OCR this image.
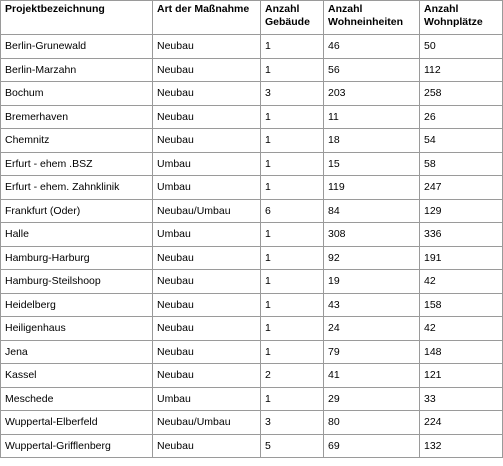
Projektbezeichnung	Art der Maßnahme	Anzahl Gebäude	Anzahl Wohneinheiten	Anzahl Wohnplätze
Berlin-Grunewald	Neubau	1	46	50
Berlin-Marzahn	Neubau	1	56	112
Bochum	Neubau	3	203	258
Bremerhaven	Neubau	1	11	26
Chemnitz	Neubau	1	18	54
Erfurt - ehem .BSZ	Umbau	1	15	58
Erfurt - ehem. Zahnklinik	Umbau	1	119	247
Frankfurt (Oder)	Neubau/Umbau	6	84	129
Halle	Umbau	1	308	336
Hamburg-Harburg	Neubau	1	92	191
Hamburg-Steilshoop	Neubau	1	19	42
Heidelberg	Neubau	1	43	158
Heiligenhaus	Neubau	1	24	42
Jena	Neubau	1	79	148
Kassel	Neubau	2	41	121
Meschede	Umbau	1	29	33
Wuppertal-Elberfeld	Neubau/Umbau	3	80	224
Wuppertal-Grifflenberg	Neubau	5	69	132
